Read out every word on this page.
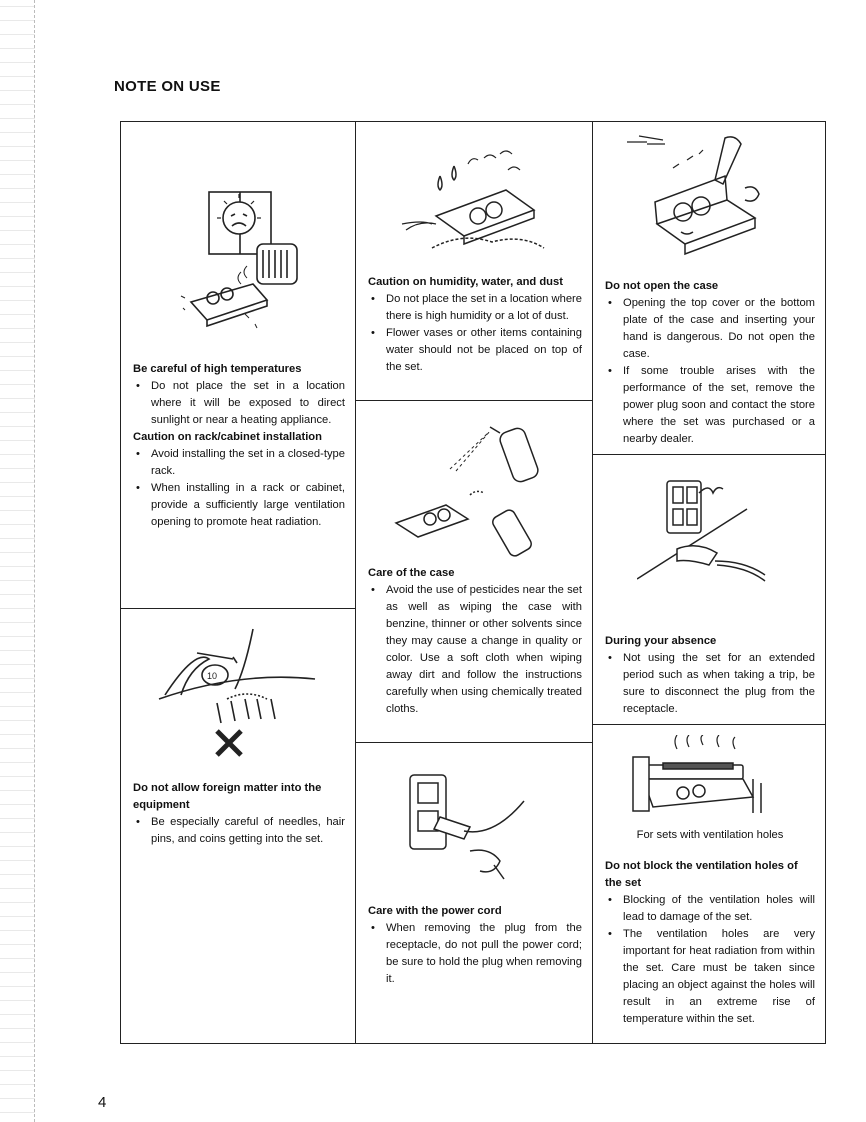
NOTE ON USE

Be careful of high temperatures

• Do not place the set in a location where it will be exposed to direct sunlight or near a heating appliance.

Caution on rack/cabinet installation

• Avoid installing the set in a closed-type rack.
• When installing in a rack or cabinet, provide a sufficiently large ventilation opening to promote heat radiation.
10

Do not allow foreign matter into the equipment

• Be especially careful of needles, hair pins, and coins getting into the set.

Caution on humidity, water, and dust

• Do not place the set in a location where there is high humidity or a lot of dust.
• Flower vases or other items containing water should not be placed on top of the set.

Care of the case

• Avoid the use of pesticides near the set as well as wiping the case with benzine, thinner or other solvents since they may cause a change in quality or color. Use a soft cloth when wiping away dirt and follow the instructions carefully when using chemically treated cloths.

Care with the power cord

• When removing the plug from the receptacle, do not pull the power cord; be sure to hold the plug when removing it.

Do not open the case

• Opening the top cover or the bottom plate of the case and inserting your hand is dangerous. Do not open the case.
• If some trouble arises with the performance of the set, remove the power plug soon and contact the store where the set was purchased or a nearby dealer.

During your absence

• Not using the set for an extended period such as when taking a trip, be sure to disconnect the plug from the receptacle.
For sets with ventilation holes

Do not block the ventilation holes of the set

• Blocking of the ventilation holes will lead to damage of the set.
• The ventilation holes are very important for heat radiation from within the set. Care must be taken since placing an object against the holes will result in an extreme rise of temperature within the set.
4
